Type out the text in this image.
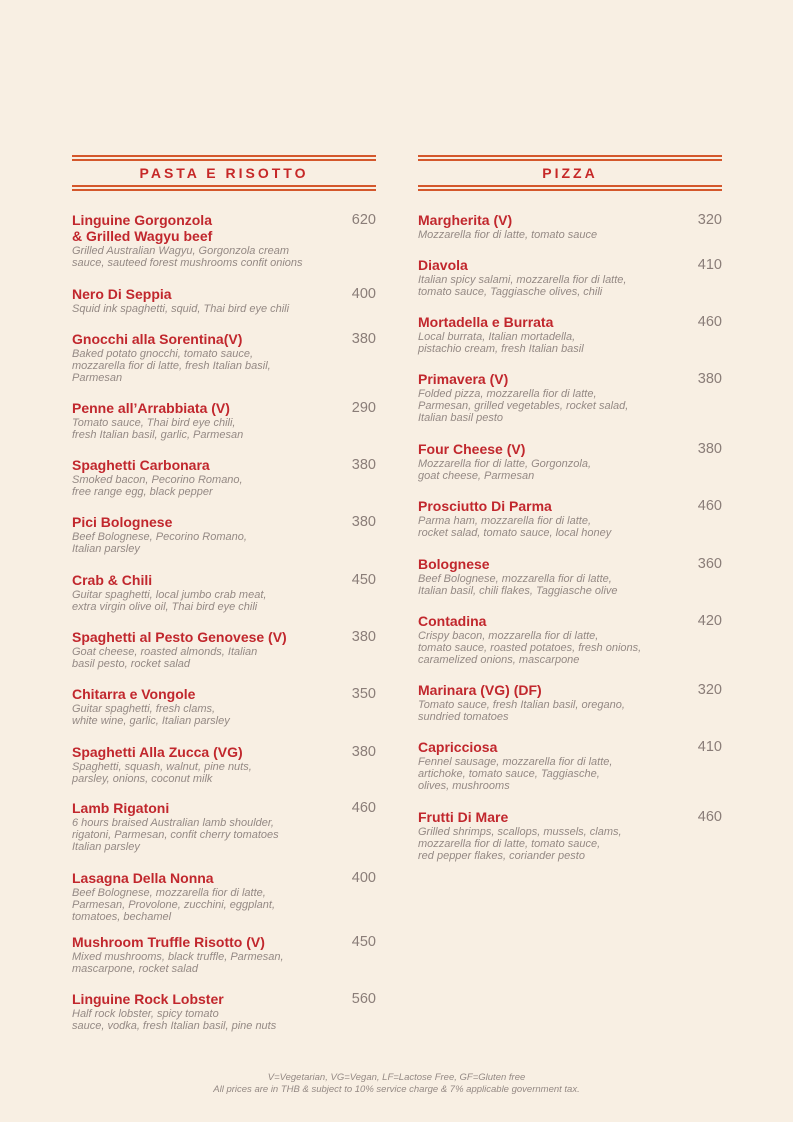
PASTA E RISOTTO
Linguine Gorgonzola
& Grilled Wagyu beef
620
Grilled Australian Wagyu, Gorgonzola cream
sauce, sauteed forest mushrooms confit onions
Nero Di Seppia	400
Squid ink spaghetti, squid, Thai bird eye chili
Gnocchi alla Sorentina(V)	380
Baked potato gnocchi, tomato sauce,
mozzarella fior di latte, fresh Italian basil,
Parmesan
Penne all’Arrabbiata (V)	290
Tomato sauce, Thai bird eye chili,
fresh Italian basil, garlic, Parmesan
Spaghetti Carbonara	380
Smoked bacon, Pecorino Romano,
free range egg, black pepper
Pici Bolognese	380
Beef Bolognese, Pecorino Romano,
Italian parsley
Crab & Chili	450
Guitar spaghetti, local jumbo crab meat,
extra virgin olive oil, Thai bird eye chili
Spaghetti al Pesto Genovese (V)	380
Goat cheese, roasted almonds, Italian
basil pesto, rocket salad
Chitarra e Vongole	350
Guitar spaghetti, fresh clams,
white wine, garlic, Italian parsley
Spaghetti Alla Zucca (VG)	380
Spaghetti, squash, walnut, pine nuts,
parsley, onions, coconut milk
Lamb Rigatoni	460
6 hours braised Australian lamb shoulder,
rigatoni, Parmesan, confit cherry tomatoes
Italian parsley
Lasagna Della Nonna	400
Beef Bolognese, mozzarella fior di latte,
Parmesan, Provolone, zucchini, eggplant,
tomatoes, bechamel
Mushroom Truffle Risotto (V)	450
Mixed mushrooms, black truffle, Parmesan,
mascarpone, rocket salad
Linguine Rock Lobster	560
Half rock lobster, spicy tomato
sauce, vodka, fresh Italian basil, pine nuts
PIZZA
Margherita (V)	320
Mozzarella fior di latte, tomato sauce
Diavola	410
Italian spicy salami, mozzarella fior di latte,
tomato sauce, Taggiasche olives, chili
Mortadella e Burrata	460
Local burrata, Italian mortadella,
pistachio cream, fresh Italian basil
Primavera (V)	380
Folded pizza, mozzarella fior di latte,
Parmesan, grilled vegetables, rocket salad,
Italian basil pesto
Four Cheese (V)	380
Mozzarella fior di latte, Gorgonzola,
goat cheese, Parmesan
Prosciutto Di Parma	460
Parma ham, mozzarella fior di latte,
rocket salad, tomato sauce, local honey
Bolognese	360
Beef Bolognese, mozzarella fior di latte,
Italian basil, chili flakes, Taggiasche olive
Contadina	420
Crispy bacon, mozzarella fior di latte,
tomato sauce, roasted potatoes, fresh onions,
caramelized onions, mascarpone
Marinara (VG) (DF)	320
Tomato sauce, fresh Italian basil, oregano,
sundried tomatoes
Capricciosa	410
Fennel sausage, mozzarella fior di latte,
artichoke, tomato sauce, Taggiasche,
olives, mushrooms
Frutti Di Mare	460
Grilled shrimps, scallops, mussels, clams,
mozzarella fior di latte, tomato sauce,
red pepper flakes, coriander pesto
V=Vegetarian, VG=Vegan, LF=Lactose Free, GF=Gluten free
All prices are in THB & subject to 10% service charge & 7% applicable government tax.
